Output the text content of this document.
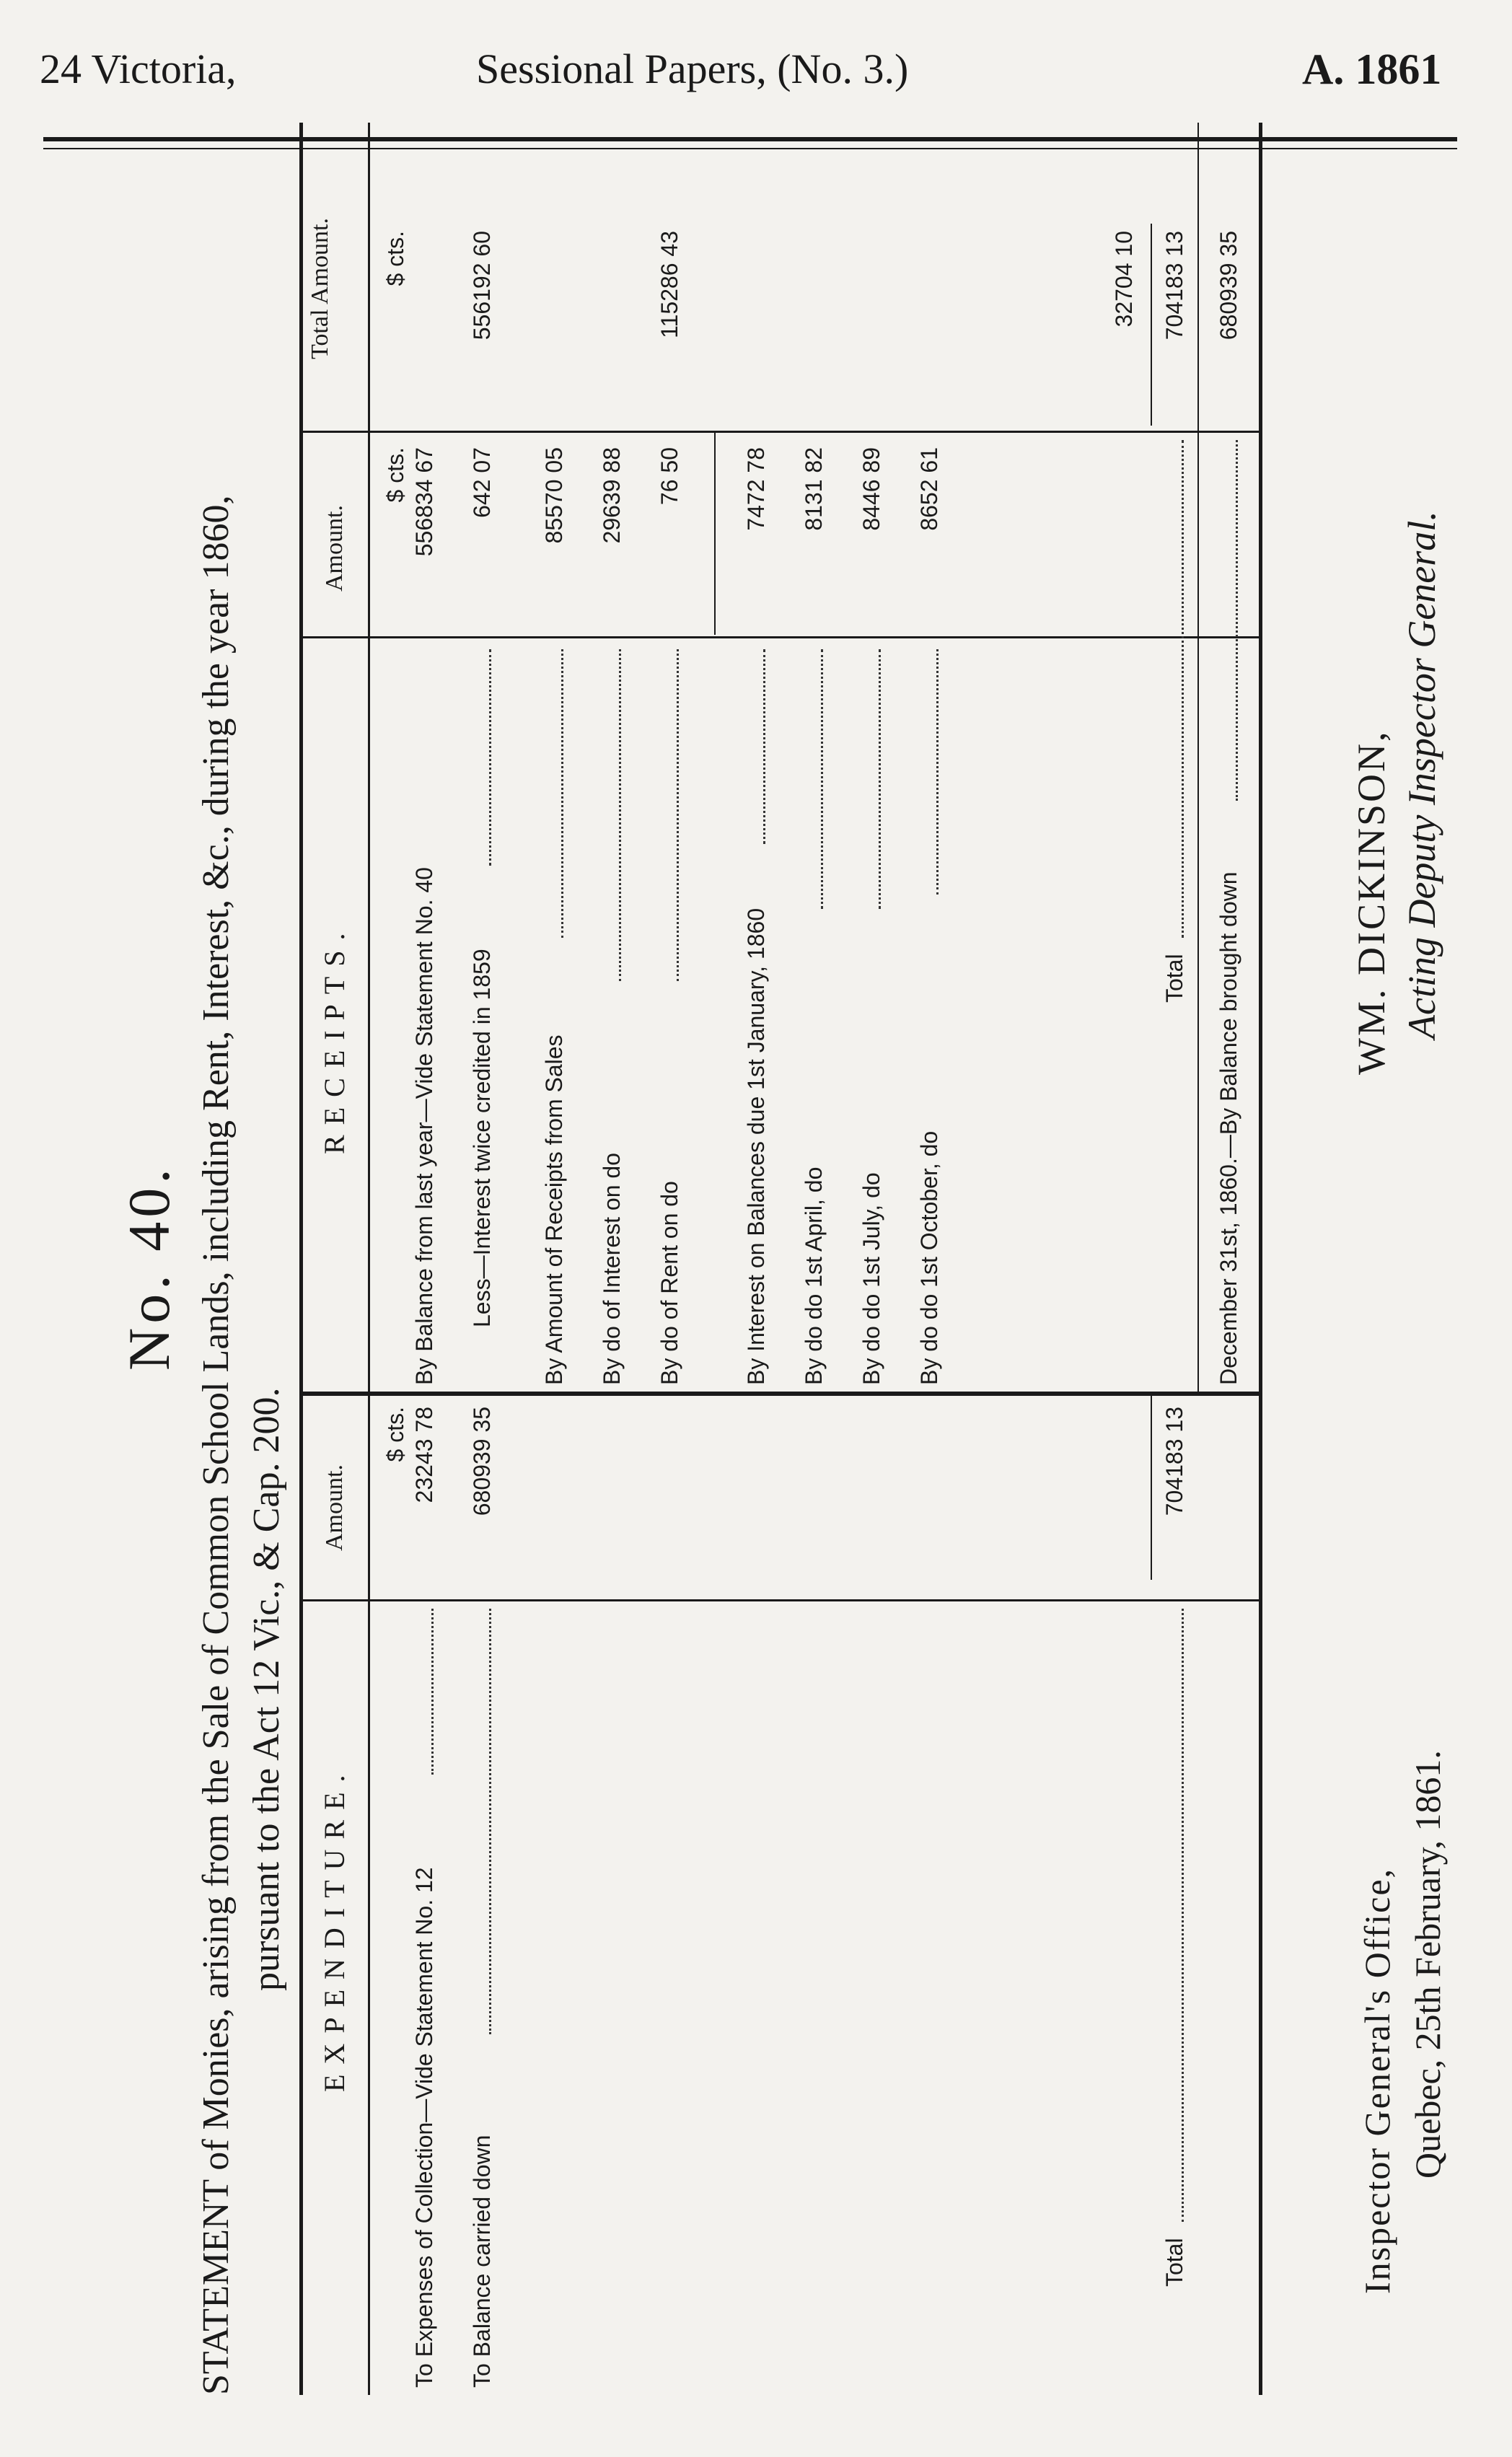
24 Victoria,	Sessional Papers, (No. 3.)	A. 1861
No. 40. STATEMENT of Monies, arising from the Sale of Common School Lands, including Rent, Interest, &c., during the year 1860, pursuant to the Act 12 Vic., & Cap. 200. EXPENDITURE.
Amount.
RECEIPTS.
Amount.
Total Amount.
$ cts.
$ cts.
$ cts.
To Expenses of Collection—Vide Statement No. 12
23243 78
To Balance carried down
680939 35
Total
704183 13
By Balance from last year—Vide Statement No. 40
556834 67
Less—Interest twice credited in 1859
642 07
556192 60
By Amount of Receipts from Sales
85570 05
By do of Interest on do
29639 88
By do of Rent on do
76 50
115286 43
By Interest on Balances due 1st January, 1860
7472 78
By do do 1st April, do
8131 82
By do do 1st July, do
8446 89
By do do 1st October, do
8652 61
32704 10
Total
704183 13
December 31st, 1860.—By Balance brought down
680939 35
WM. DICKINSON, Acting Deputy Inspector General.
Inspector General's Office, Quebec, 25th February, 1861.
